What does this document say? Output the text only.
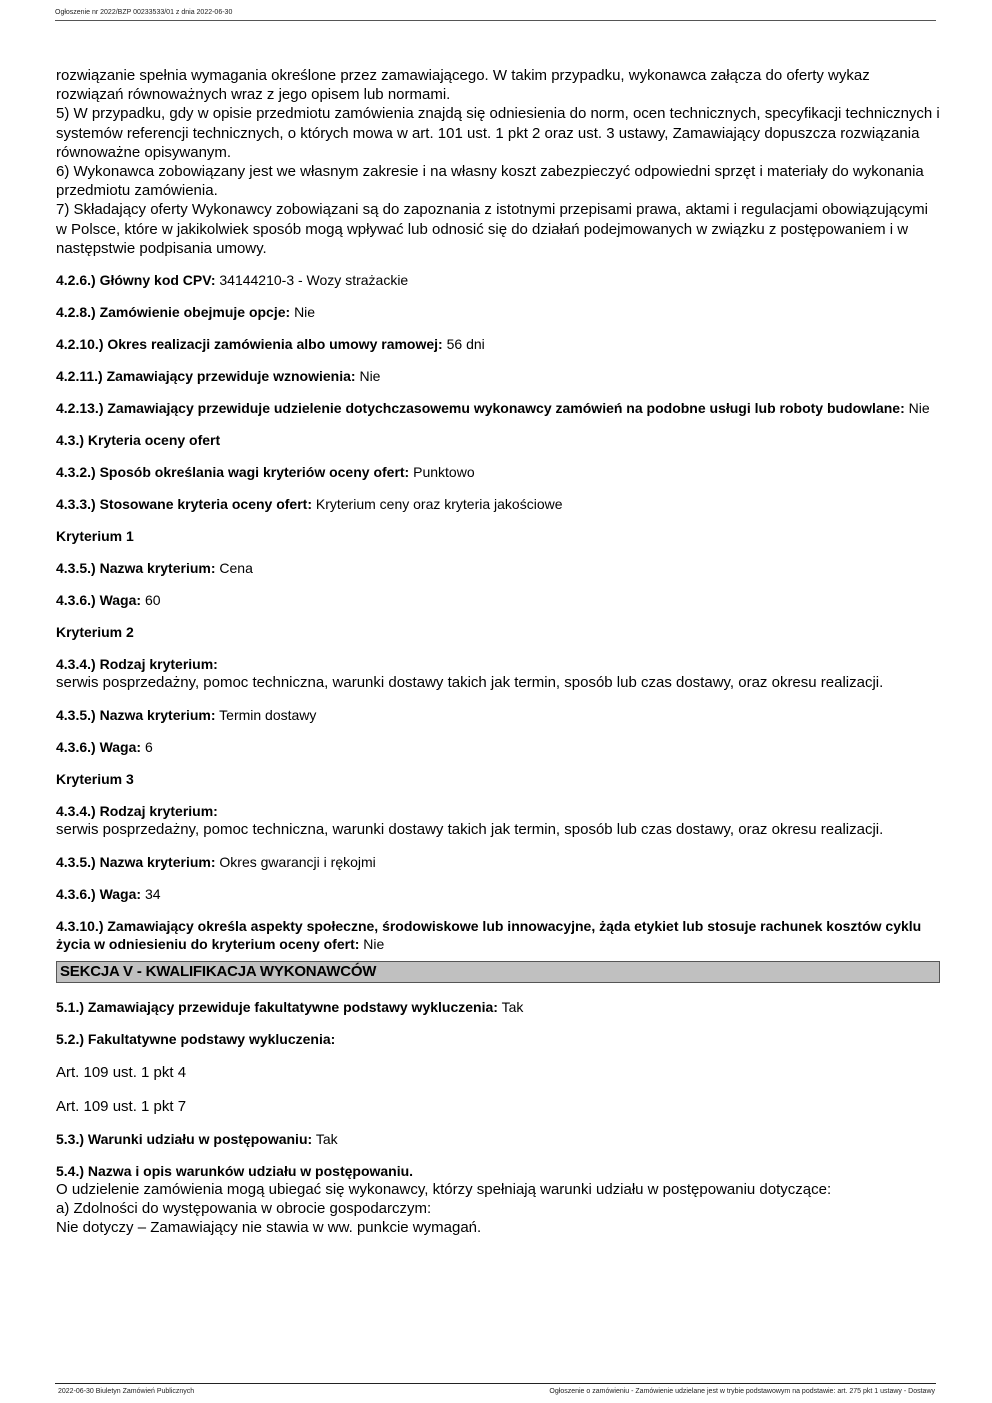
Ogłoszenie nr 2022/BZP 00233533/01 z dnia 2022-06-30

rozwiązanie spełnia wymagania określone przez zamawiającego. W takim przypadku, wykonawca załącza do oferty wykaz rozwiązań równoważnych wraz z jego opisem lub normami.

5) W przypadku, gdy w opisie przedmiotu zamówienia znajdą się odniesienia do norm, ocen technicznych, specyfikacji technicznych i systemów referencji technicznych, o których mowa w art. 101 ust. 1 pkt 2 oraz ust. 3 ustawy, Zamawiający dopuszcza rozwiązania równoważne opisywanym.

6) Wykonawca zobowiązany jest we własnym zakresie i na własny koszt zabezpieczyć odpowiedni sprzęt i materiały do wykonania przedmiotu zamówienia.

7) Składający oferty Wykonawcy zobowiązani są do zapoznania z istotnymi przepisami prawa, aktami i regulacjami obowiązującymi w Polsce, które w jakikolwiek sposób mogą wpływać lub odnosić się do działań podejmowanych w związku z postępowaniem i w następstwie podpisania umowy.

4.2.6.) Główny kod CPV: 34144210-3 - Wozy strażackie

4.2.8.) Zamówienie obejmuje opcje: Nie

4.2.10.) Okres realizacji zamówienia albo umowy ramowej: 56 dni

4.2.11.) Zamawiający przewiduje wznowienia: Nie

4.2.13.) Zamawiający przewiduje udzielenie dotychczasowemu wykonawcy zamówień na podobne usługi lub roboty budowlane: Nie

4.3.) Kryteria oceny ofert

4.3.2.) Sposób określania wagi kryteriów oceny ofert: Punktowo

4.3.3.) Stosowane kryteria oceny ofert: Kryterium ceny oraz kryteria jakościowe

Kryterium 1

4.3.5.) Nazwa kryterium: Cena

4.3.6.) Waga: 60

Kryterium 2

4.3.4.) Rodzaj kryterium:

serwis posprzedażny, pomoc techniczna, warunki dostawy takich jak termin, sposób lub czas dostawy, oraz okresu realizacji.

4.3.5.) Nazwa kryterium: Termin dostawy

4.3.6.) Waga: 6

Kryterium 3

4.3.4.) Rodzaj kryterium:

serwis posprzedażny, pomoc techniczna, warunki dostawy takich jak termin, sposób lub czas dostawy, oraz okresu realizacji.

4.3.5.) Nazwa kryterium: Okres gwarancji i rękojmi

4.3.6.) Waga: 34

4.3.10.) Zamawiający określa aspekty społeczne, środowiskowe lub innowacyjne, żąda etykiet lub stosuje rachunek kosztów cyklu życia w odniesieniu do kryterium oceny ofert: Nie

SEKCJA V - KWALIFIKACJA WYKONAWCÓW

5.1.) Zamawiający przewiduje fakultatywne podstawy wykluczenia: Tak

5.2.) Fakultatywne podstawy wykluczenia:

Art. 109 ust. 1 pkt 4

Art. 109 ust. 1 pkt 7

5.3.) Warunki udziału w postępowaniu: Tak

5.4.) Nazwa i opis warunków udziału w postępowaniu.

O udzielenie zamówienia mogą ubiegać się wykonawcy, którzy spełniają warunki udziału w postępowaniu dotyczące:

a) Zdolności do występowania w obrocie gospodarczym:

Nie dotyczy – Zamawiający nie stawia w ww. punkcie wymagań.

2022-06-30 Biuletyn Zamówień Publicznych	Ogłoszenie o zamówieniu - Zamówienie udzielane jest w trybie podstawowym na podstawie: art. 275 pkt 1 ustawy - Dostawy
